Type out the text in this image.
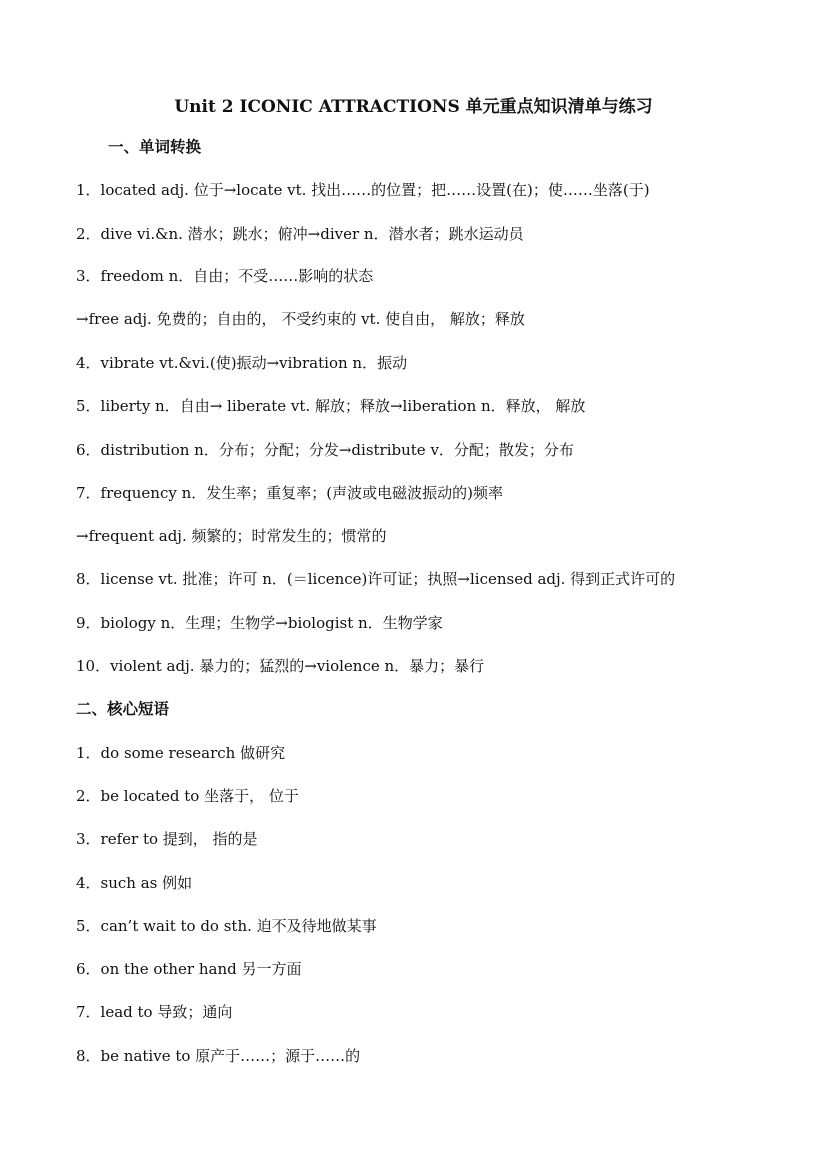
Unit 2 ICONIC ATTRACTIONS 单元重点知识清单与练习
一、单词转换
1．located adj. 位于→locate vt. 找出……的位置；把……设置(在)；使……坐落(于)
2．dive vi.&n. 潜水；跳水；俯冲→diver n．潜水者；跳水运动员
3．freedom n．自由；不受……影响的状态
→free adj. 免费的；自由的， 不受约束的 vt. 使自由， 解放；释放
4．vibrate vt.&vi.(使)振动→vibration n．振动
5．liberty n．自由→ liberate vt. 解放；释放→liberation n．释放， 解放
6．distribution n．分布；分配；分发→distribute v．分配；散发；分布
7．frequency n．发生率；重复率；(声波或电磁波振动的)频率
→frequent adj. 频繁的；时常发生的；惯常的
8．license vt. 批准；许可 n．(＝licence)许可证；执照→licensed adj. 得到正式许可的
9．biology n．生理；生物学→biologist n．生物学家
10．violent adj. 暴力的；猛烈的→violence n．暴力；暴行
二、核心短语
1．do some research 做研究
2．be located to 坐落于， 位于
3．refer to 提到， 指的是
4．such as 例如
5．can’t wait to do sth. 迫不及待地做某事
6．on the other hand 另一方面
7．lead to 导致；通向
8．be native to 原产于……；源于……的
